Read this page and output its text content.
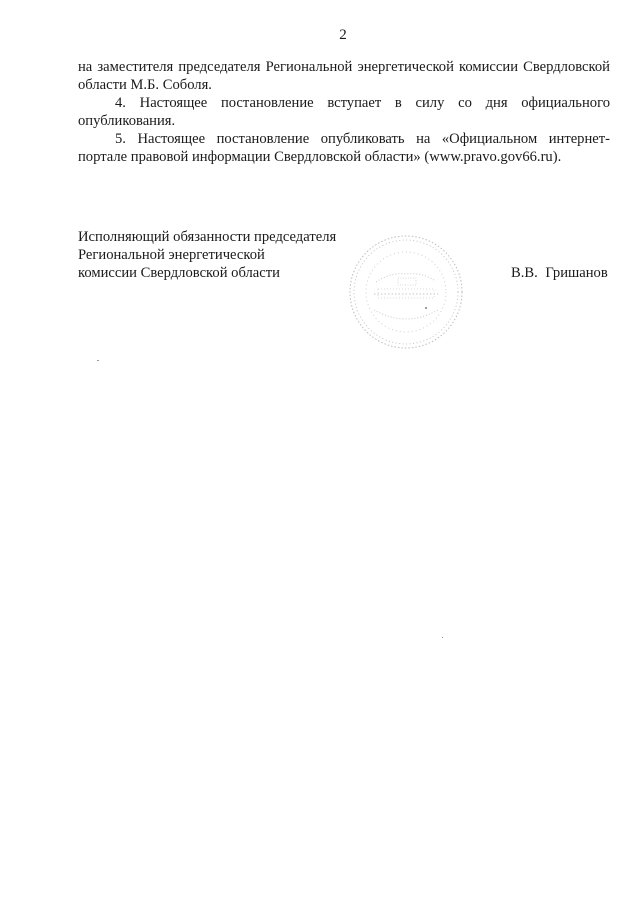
2

на заместителя председателя Региональной энергетической комиссии Свердловской области М.Б. Соболя.

4. Настоящее постановление вступает в силу со дня официального опубликования.

5. Настоящее постановление опубликовать на «Официальном интернет-портале правовой информации Свердловской области» (www.pravo.gov66.ru).

Исполняющий обязанности председателя
Региональной энергетической
комиссии Свердловской области	В.В. Гришанов
